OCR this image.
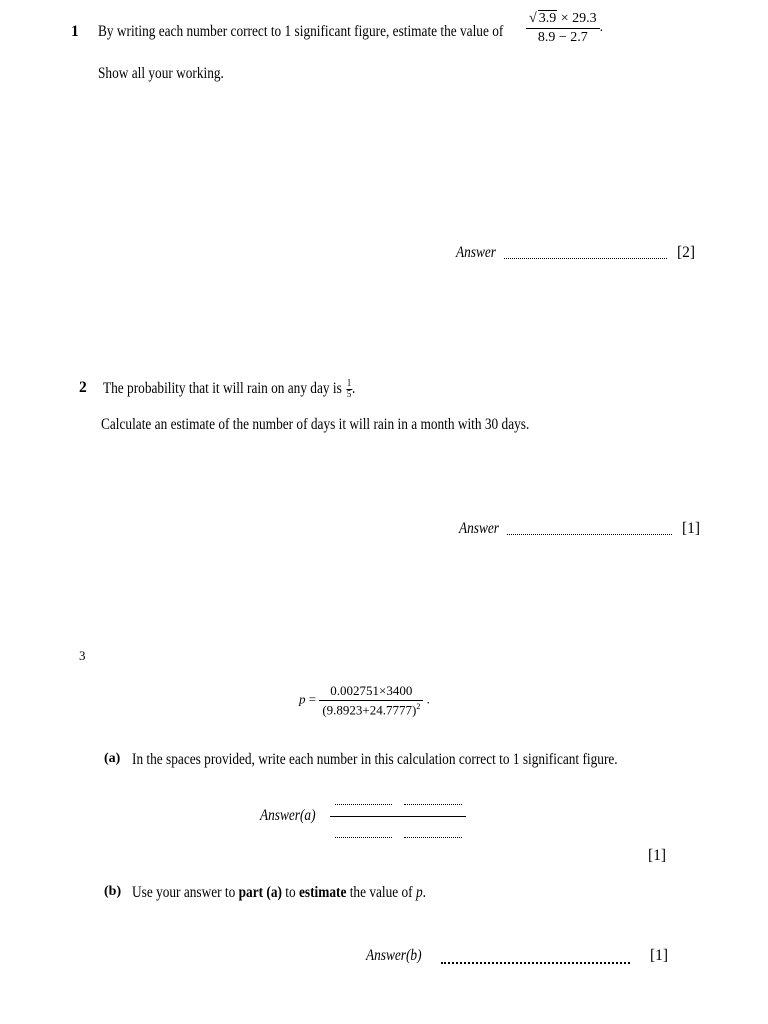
1 By writing each number correct to 1 significant figure, estimate the value of $\frac{√ 3.9 \times 29.3}{8.9 - 2.7}$ .
Show all your working.
Answer	[2]
2 The probability that it will rain on any day is $\frac{1}{5}$ .
Calculate an estimate of the number of days it will rain in a month with 30 days.
Answer	[1]
3
$p = \frac{0.002751\times 3400}{(9.8923+24.7777)^2}$ .
(a) In the spaces provided, write each number in this calculation correct to 1 significant figure.
Answer(a)
[1]
(b) Use your answer to part (a) to estimate the value of p.
Answer(b)	[1]
